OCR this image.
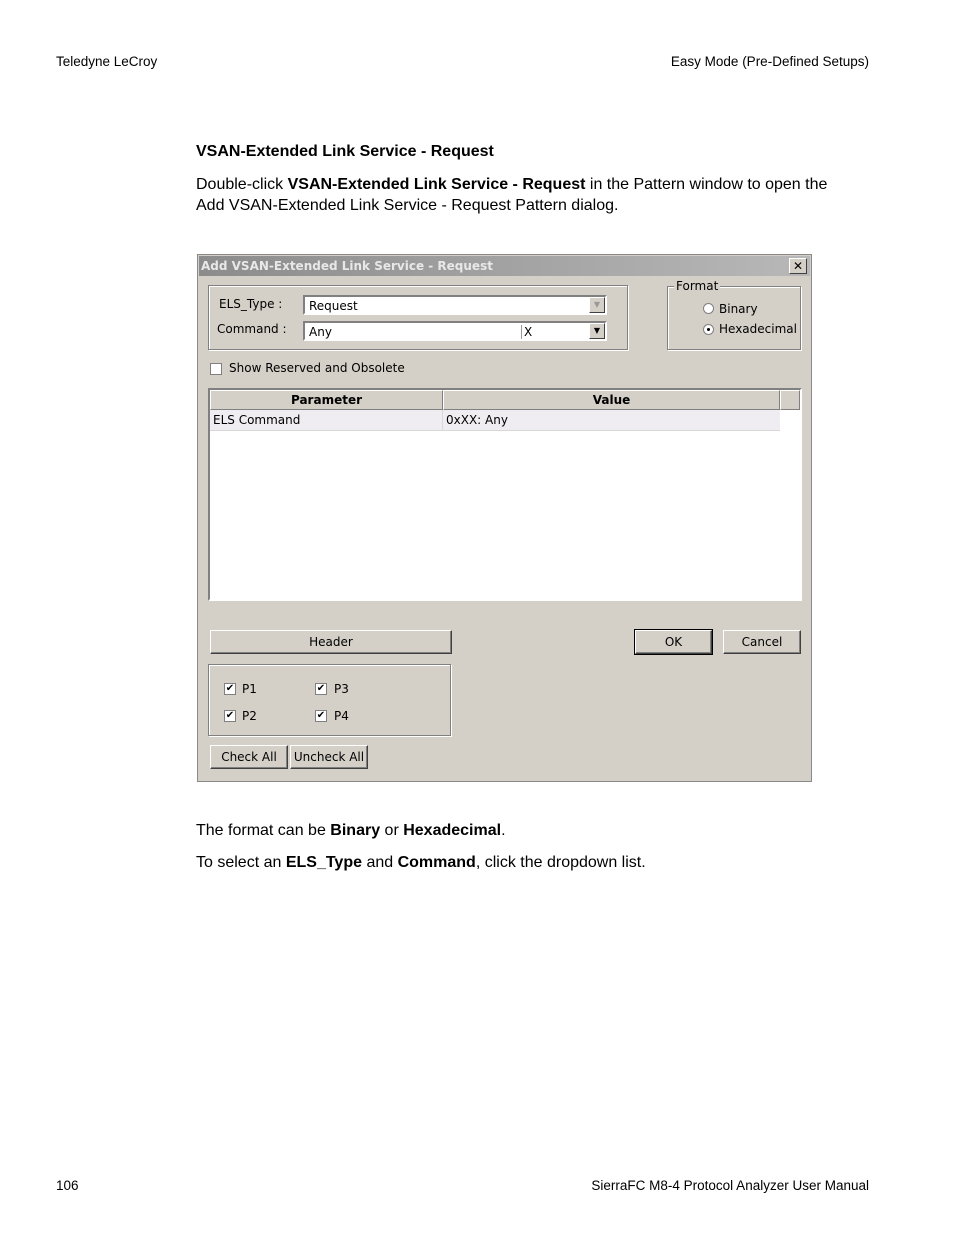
Teledyne LeCroy	Easy Mode (Pre-Defined Setups)
VSAN-Extended Link Service - Request
Double-click VSAN-Extended Link Service - Request in the Pattern window to open the
Add VSAN-Extended Link Service - Request Pattern dialog.
Add VSAN-Extended Link Service - Request	✕
ELS_Type : Request	▼
Command : Any	X	▼
Format
Binary
Hexadecimal
Show Reserved and Obsolete
Parameter	Value
ELS Command	0xXX: Any
Header	OK	Cancel
✔ P1	✔ P3
✔ P2	✔ P4
Check All	Uncheck All
The format can be Binary or Hexadecimal.
To select an ELS_Type and Command, click the dropdown list.
106	SierraFC M8-4 Protocol Analyzer User Manual
